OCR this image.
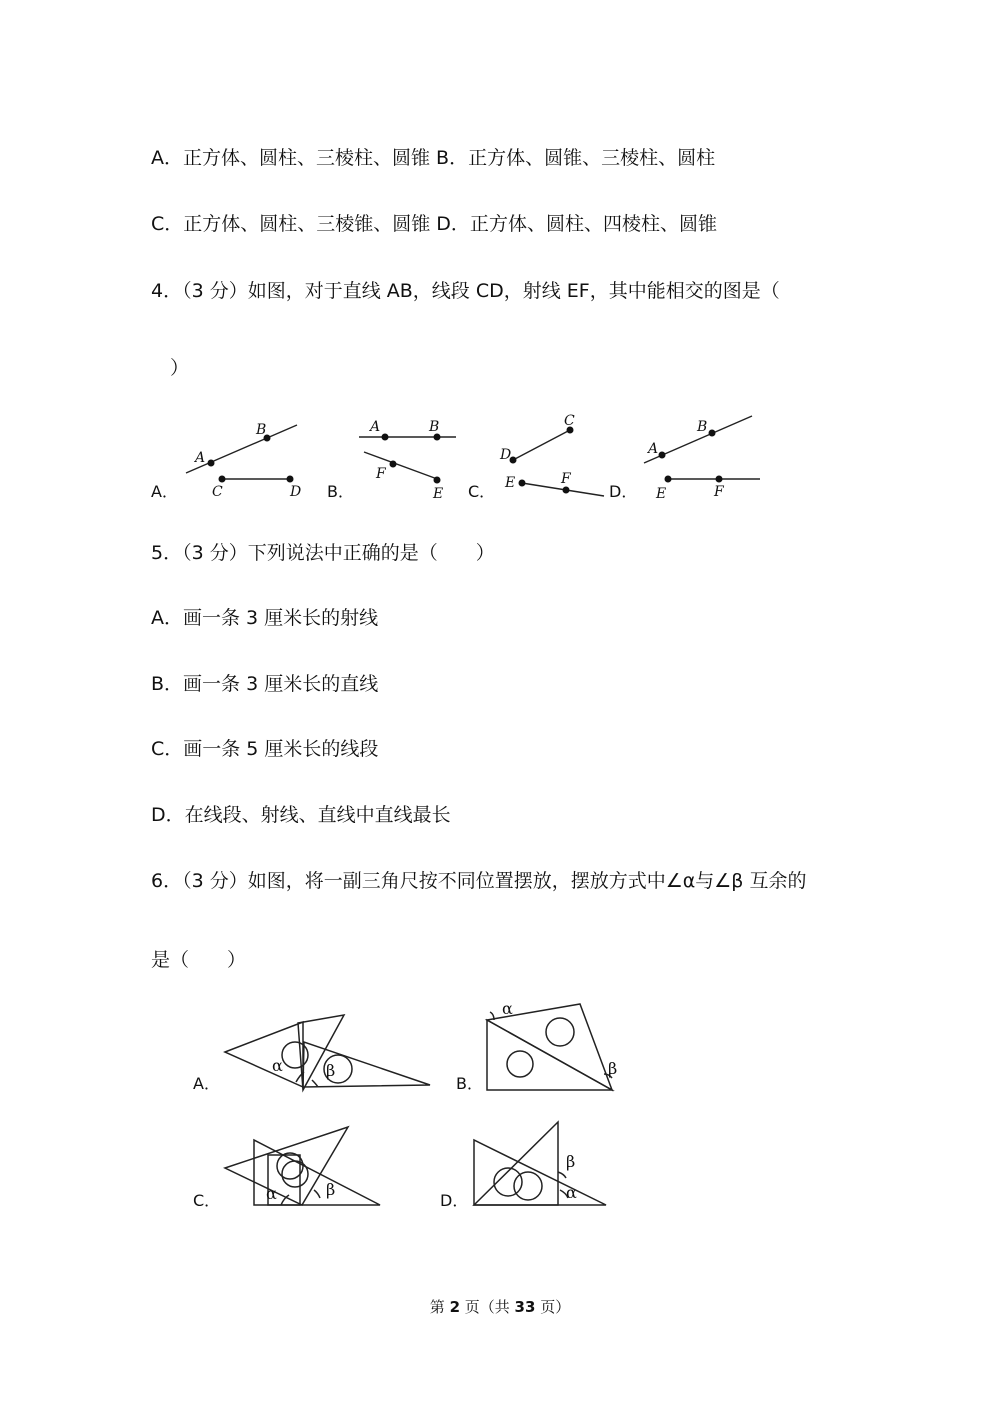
A．正方体、圆柱、三棱柱、圆锥 B．正方体、圆锥、三棱柱、圆柱
C．正方体、圆柱、三棱锥、圆锥 D．正方体、圆柱、四棱柱、圆锥
4．（3 分）如图，对于直线 AB，线段 CD，射线 EF，其中能相交的图是（
）
A．	B．	C．	D．
A
B
C	D
A	B
F
E
C
D
E	F
A
B
E	F
5．（3 分）下列说法中正确的是（　　）
A．画一条 3 厘米长的射线
B．画一条 3 厘米长的直线
C．画一条 5 厘米长的线段
D．在线段、射线、直线中直线最长
6．（3 分）如图，将一副三角尺按不同位置摆放，摆放方式中∠α与∠β 互余的
是（　　）
A．	B．
C．	D．
α	β
α
β
α	β
β
α
第 2 页（共 33 页）
